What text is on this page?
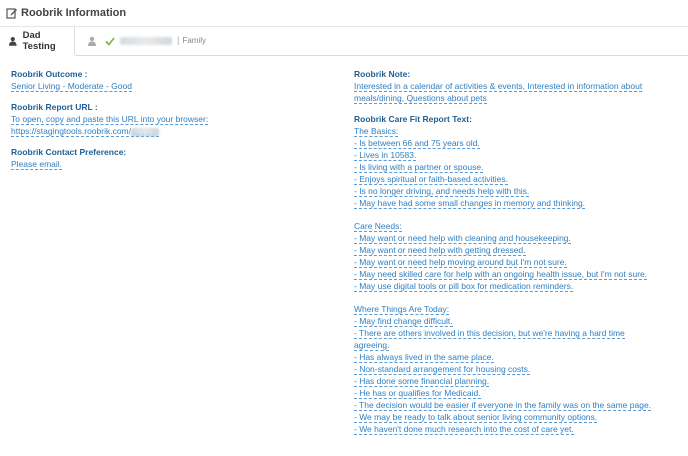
Roobrik Information
Dad Testing	| Family
Roobrik Outcome :
Senior Living - Moderate - Good
Roobrik Report URL :
To open, copy and paste this URL into your browser:
https://stagingtools.roobrik.com/
Roobrik Contact Preference:
Please email.
Roobrik Note:
Interested in a calendar of activities & events, Interested in information about
meals/dining, Questions about pets
Roobrik Care Fit Report Text:
The Basics:
- Is between 66 and 75 years old.
- Lives in 10583.
- Is living with a partner or spouse.
- Enjoys spiritual or faith-based activities.
- Is no longer driving, and needs help with this.
- May have had some small changes in memory and thinking.
Care Needs:
- May want or need help with cleaning and housekeeping.
- May want or need help with getting dressed.
- May want or need help moving around but I'm not sure.
- May need skilled care for help with an ongoing health issue, but I'm not sure.
- May use digital tools or pill box for medication reminders.
Where Things Are Today:
- May find change difficult.
- There are others involved in this decision, but we're having a hard time
agreeing.
- Has always lived in the same place.
- Non-standard arrangement for housing costs.
- Has done some financial planning.
- He has or qualifies for Medicaid.
- The decision would be easier if everyone in the family was on the same page.
- We may be ready to talk about senior living community options.
- We haven't done much research into the cost of care yet.
